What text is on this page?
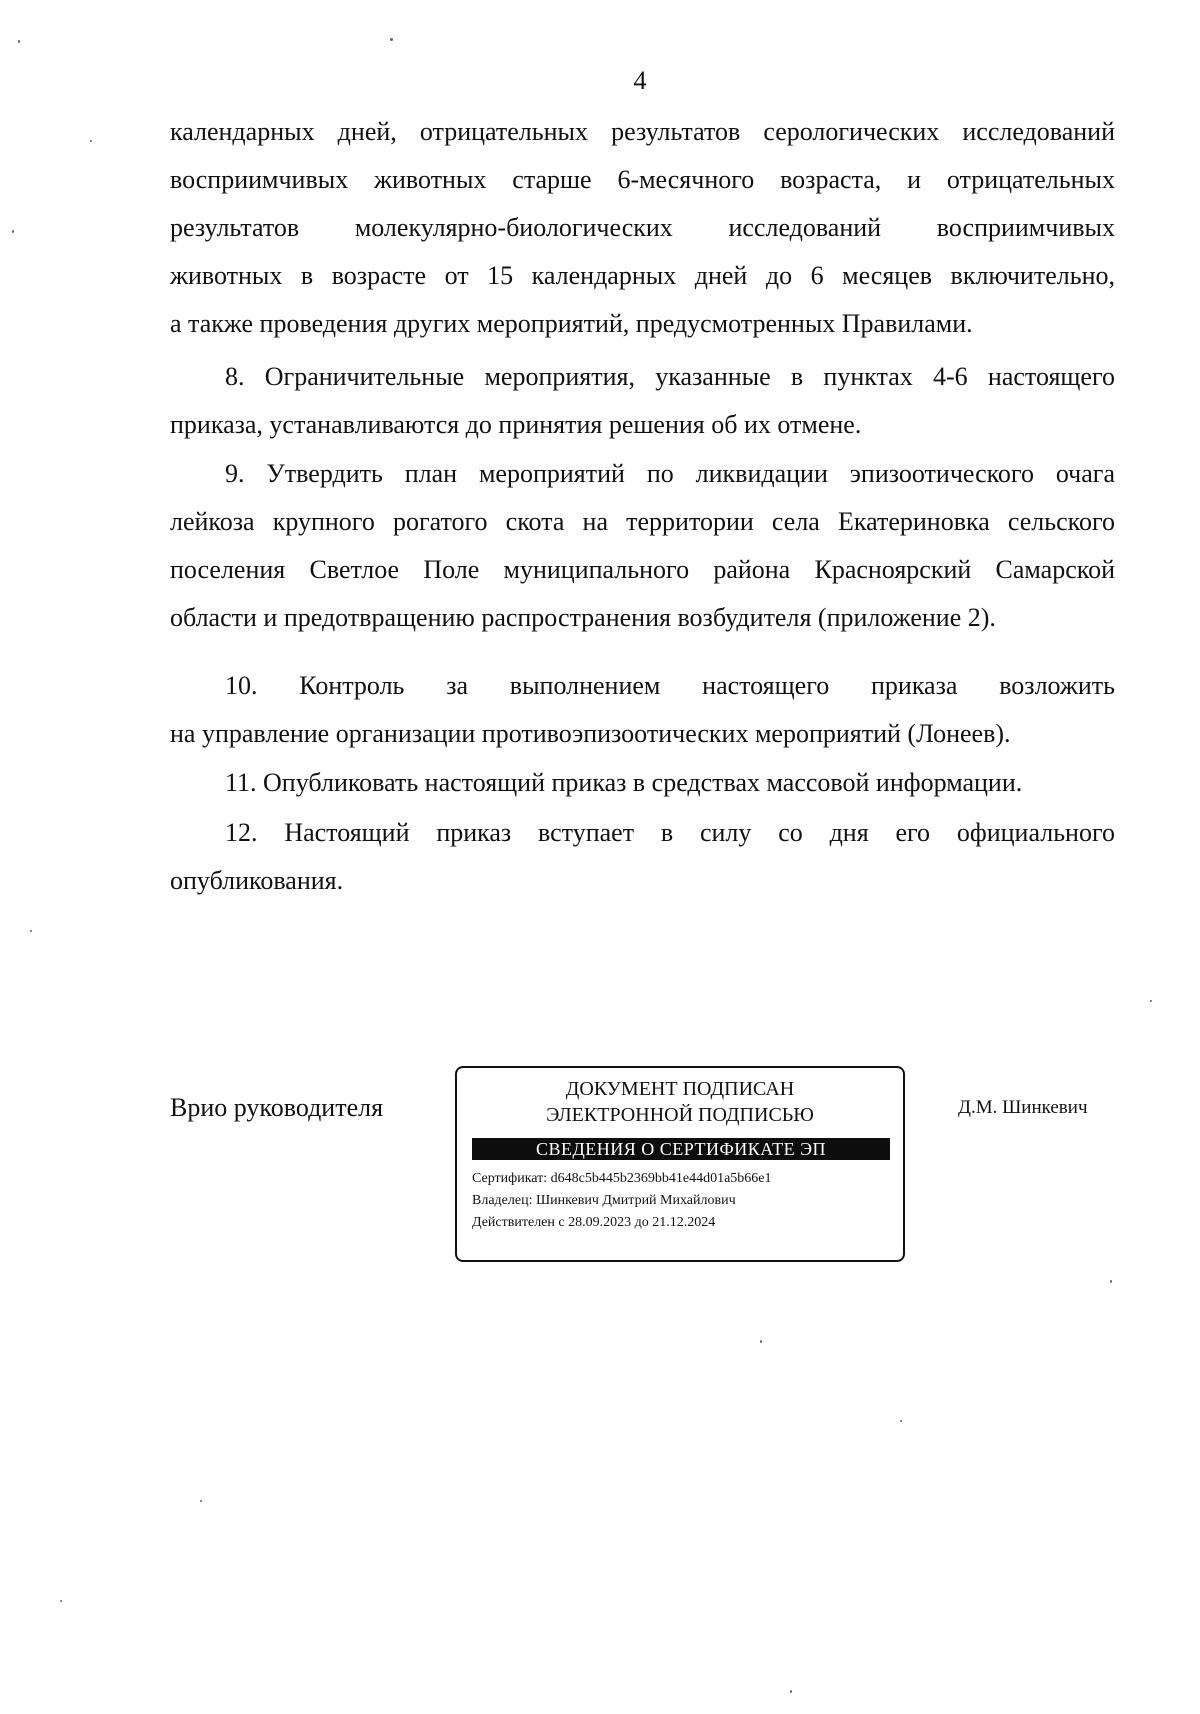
4
календарных дней, отрицательных результатов серологических исследований
восприимчивых животных старше 6-месячного возраста, и отрицательных
результатов молекулярно-биологических исследований восприимчивых
животных в возрасте от 15 календарных дней до 6 месяцев включительно,
а также проведения других мероприятий, предусмотренных Правилами.
8. Ограничительные мероприятия, указанные в пунктах 4-6 настоящего
приказа, устанавливаются до принятия решения об их отмене.
9. Утвердить план мероприятий по ликвидации эпизоотического очага
лейкоза крупного рогатого скота на территории села Екатериновка сельского
поселения Светлое Поле муниципального района Красноярский Самарской
области и предотвращению распространения возбудителя (приложение 2).
10. Контроль за выполнением настоящего приказа возложить
на управление организации противоэпизоотических мероприятий (Лонеев).
11. Опубликовать настоящий приказ в средствах массовой информации.
12. Настоящий приказ вступает в силу со дня его официального
опубликования.
Врио руководителя
ДОКУМЕНТ ПОДПИСАН
ЭЛЕКТРОННОЙ ПОДПИСЬЮ
СВЕДЕНИЯ О СЕРТИФИКАТЕ ЭП
Сертификат: d648c5b445b2369bb41e44d01a5b66e1
Владелец: Шинкевич Дмитрий Михайлович
Действителен с 28.09.2023 до 21.12.2024
Д.М. Шинкевич
